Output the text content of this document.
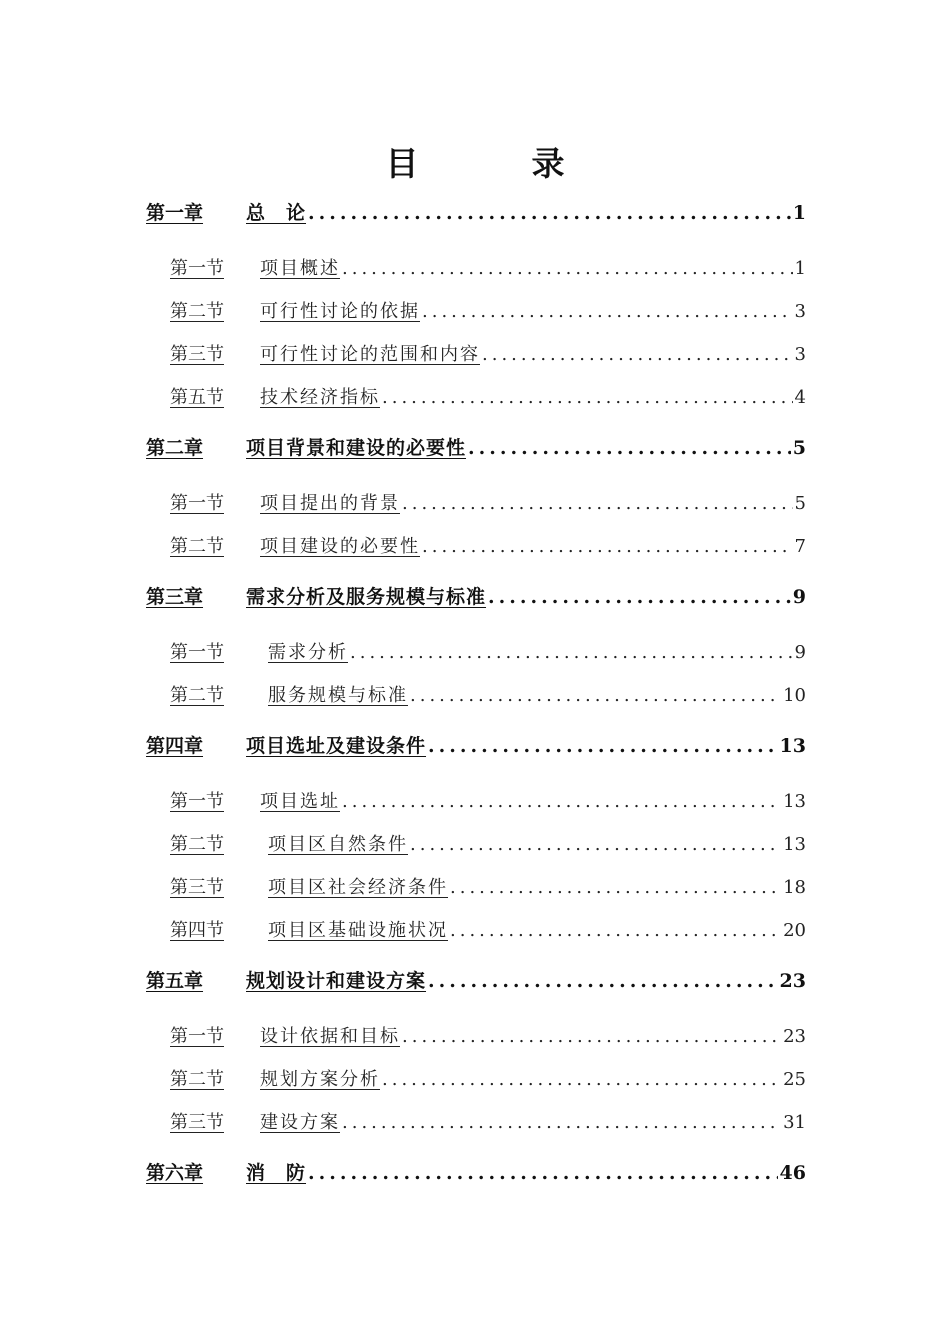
目　录
第一章	总　论 .....	1
第一节	项目概述 .....	1
第二节	可行性讨论的依据 .....	3
第三节	可行性讨论的范围和内容 .....	3
第五节	技术经济指标 .....	4
第二章	项目背景和建设的必要性 .....	5
第一节	项目提出的背景 .....	5
第二节	项目建设的必要性 .....	7
第三章	需求分析及服务规模与标准 .....	9
第一节	需求分析 .....	9
第二节	服务规模与标准 .....	10
第四章	项目选址及建设条件 .....	13
第一节	项目选址 .....	13
第二节	项目区自然条件 .....	13
第三节	项目区社会经济条件 .....	18
第四节	项目区基础设施状况 .....	20
第五章	规划设计和建设方案 .....	23
第一节	设计依据和目标 .....	23
第二节	规划方案分析 .....	25
第三节	建设方案 .....	31
第六章	消　防 .....	46
